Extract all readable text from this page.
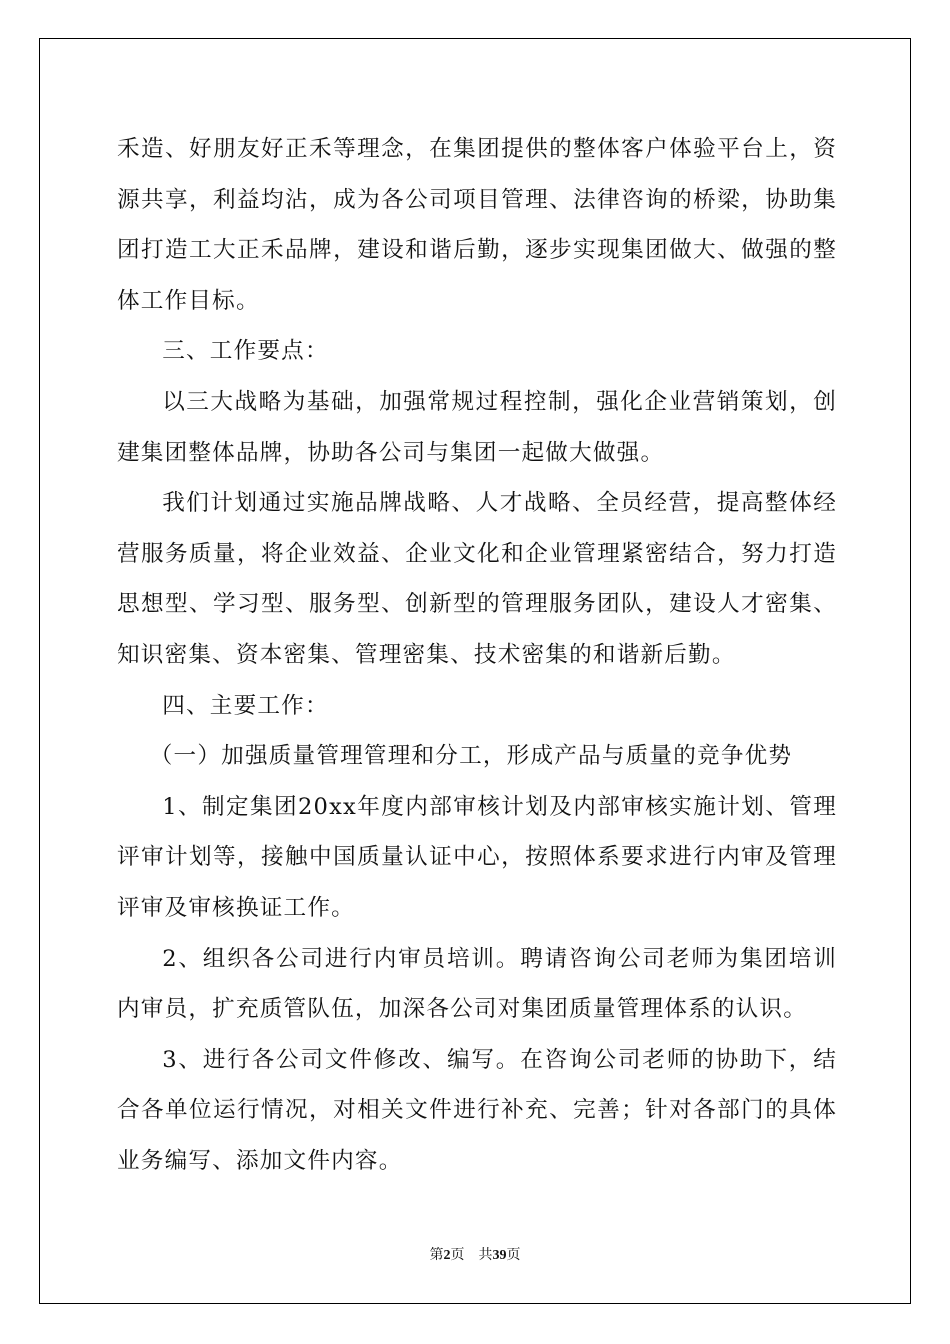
禾造、好朋友好正禾等理念，在集团提供的整体客户体验平台上，资源共享，利益均沾，成为各公司项目管理、法律咨询的桥梁，协助集团打造工大正禾品牌，建设和谐后勤，逐步实现集团做大、做强的整体工作目标。

三、工作要点：

以三大战略为基础，加强常规过程控制，强化企业营销策划，创建集团整体品牌，协助各公司与集团一起做大做强。

我们计划通过实施品牌战略、人才战略、全员经营，提高整体经营服务质量，将企业效益、企业文化和企业管理紧密结合，努力打造思想型、学习型、服务型、创新型的管理服务团队，建设人才密集、知识密集、资本密集、管理密集、技术密集的和谐新后勤。

四、主要工作：

（一）加强质量管理管理和分工，形成产品与质量的竞争优势

1、制定集团20xx年度内部审核计划及内部审核实施计划、管理评审计划等，接触中国质量认证中心，按照体系要求进行内审及管理评审及审核换证工作。

2、组织各公司进行内审员培训。聘请咨询公司老师为集团培训内审员，扩充质管队伍，加深各公司对集团质量管理体系的认识。

3、进行各公司文件修改、编写。在咨询公司老师的协助下，结合各单位运行情况，对相关文件进行补充、完善；针对各部门的具体业务编写、添加文件内容。

第2页 共39页
